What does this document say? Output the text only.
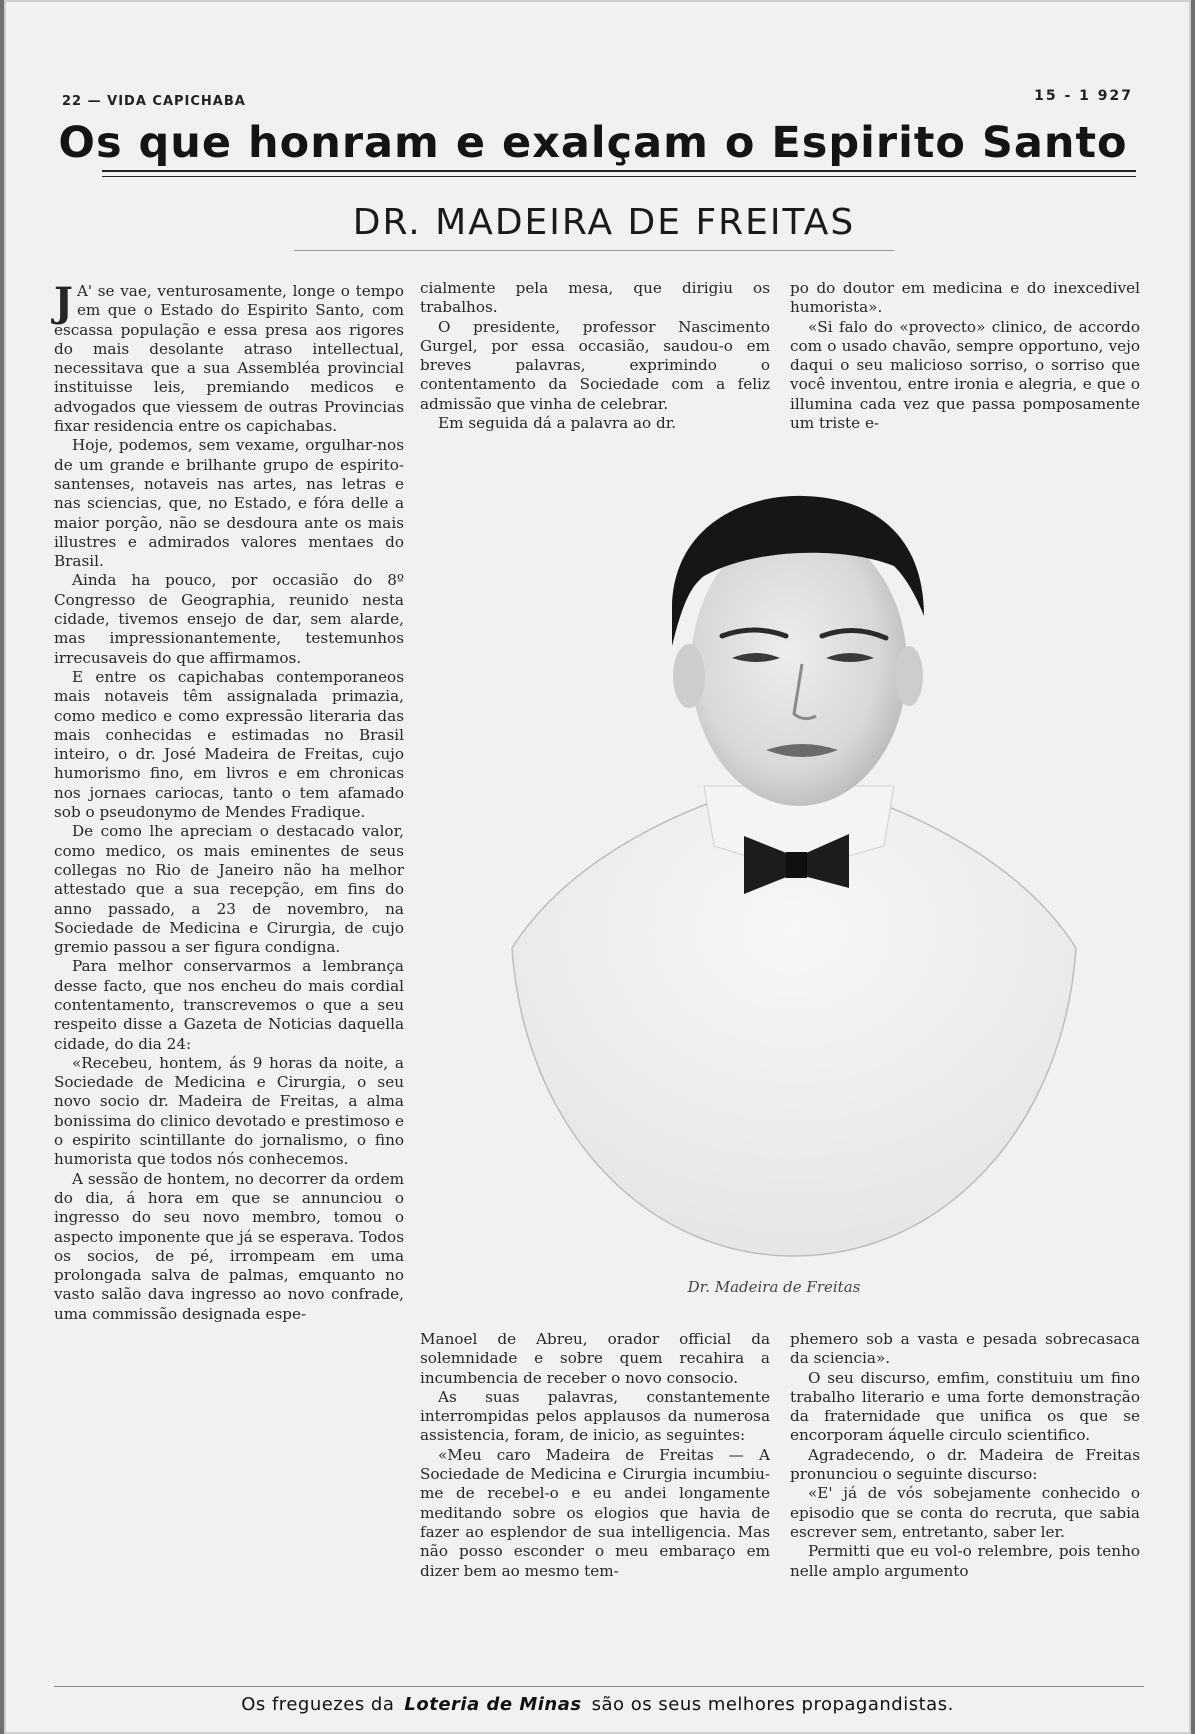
22 — VIDA CAPICHABA	15 - 1 927
Os que honram e exalçam o Espirito Santo
DR. MADEIRA DE FREITAS

J A' se vae, venturosamente, longe o tempo em que o Estado do Espirito Santo, com escassa população e essa presa aos rigores do mais desolante atraso intellectual, necessitava que a sua Assembléa provincial instituisse leis, premiando medicos e advogados que viessem de outras Provincias fixar residencia entre os capichabas.

Hoje, podemos, sem vexame, orgulhar-nos de um grande e brilhante grupo de espirito-santenses, notaveis nas artes, nas letras e nas sciencias, que, no Estado, e fóra delle a maior porção, não se desdoura ante os mais illustres e admirados valores mentaes do Brasil.

Ainda ha pouco, por occasião do 8º Congresso de Geographia, reunido nesta cidade, tivemos ensejo de dar, sem alarde, mas impressionantemente, testemunhos irrecusaveis do que affirmamos.

E entre os capichabas contemporaneos mais notaveis têm assignalada primazia, como medico e como expressão literaria das mais conhecidas e estimadas no Brasil inteiro, o dr. José Madeira de Freitas, cujo humorismo fino, em livros e em chronicas nos jornaes cariocas, tanto o tem afamado sob o pseudonymo de Mendes Fradique.

De como lhe apreciam o destacado valor, como medico, os mais eminentes de seus collegas no Rio de Janeiro não ha melhor attestado que a sua recepção, em fins do anno passado, a 23 de novembro, na Sociedade de Medicina e Cirurgia, de cujo gremio passou a ser figura condigna.

Para melhor conservarmos a lembrança desse facto, que nos encheu do mais cordial contentamento, transcrevemos o que a seu respeito disse a Gazeta de Noticias daquella cidade, do dia 24:

«Recebeu, hontem, ás 9 horas da noite, a Sociedade de Medicina e Cirurgia, o seu novo socio dr. Madeira de Freitas, a alma bonissima do clinico devotado e prestimoso e o espirito scintillante do jornalismo, o fino humorista que todos nós conhecemos.

A sessão de hontem, no decorrer da ordem do dia, á hora em que se annunciou o ingresso do seu novo membro, tomou o aspecto imponente que já se esperava. Todos os socios, de pé, irrompeam em uma prolongada salva de palmas, emquanto no vasto salão dava ingresso ao novo confrade, uma commissão designada espe-

cialmente pela mesa, que dirigiu os trabalhos.

O presidente, professor Nascimento Gurgel, por essa occasião, saudou-o em breves palavras, exprimindo o contentamento da Sociedade com a feliz admissão que vinha de celebrar.

Em seguida dá a palavra ao dr.

po do doutor em medicina e do inexcedivel humorista».

«Si falo do «provecto» clinico, de accordo com o usado chavão, sempre opportuno, vejo daqui o seu malicioso sorriso, o sorriso que você inventou, entre ironia e alegria, e que o illumina cada vez que passa pomposamente um triste e-

Dr. Madeira de Freitas

Manoel de Abreu, orador official da solemnidade e sobre quem recahira a incumbencia de receber o novo consocio.

As suas palavras, constantemente interrompidas pelos applausos da numerosa assistencia, foram, de inicio, as seguintes:

«Meu caro Madeira de Freitas — A Sociedade de Medicina e Cirurgia incumbiu-me de recebel-o e eu andei longamente meditando sobre os elogios que havia de fazer ao esplendor de sua intelligencia. Mas não posso esconder o meu embaraço em dizer bem ao mesmo tem-

phemero sob a vasta e pesada sobrecasaca da sciencia».

O seu discurso, emfim, constituiu um fino trabalho literario e uma forte demonstração da fraternidade que unifica os que se encorporam áquelle circulo scientifico.

Agradecendo, o dr. Madeira de Freitas pronunciou o seguinte discurso:

«E' já de vós sobejamente conhecido o episodio que se conta do recruta, que sabia escrever sem, entretanto, saber ler.

Permitti que eu vol-o relembre, pois tenho nelle amplo argumento

Os freguezes da Loteria de Minas são os seus melhores propagandistas.
